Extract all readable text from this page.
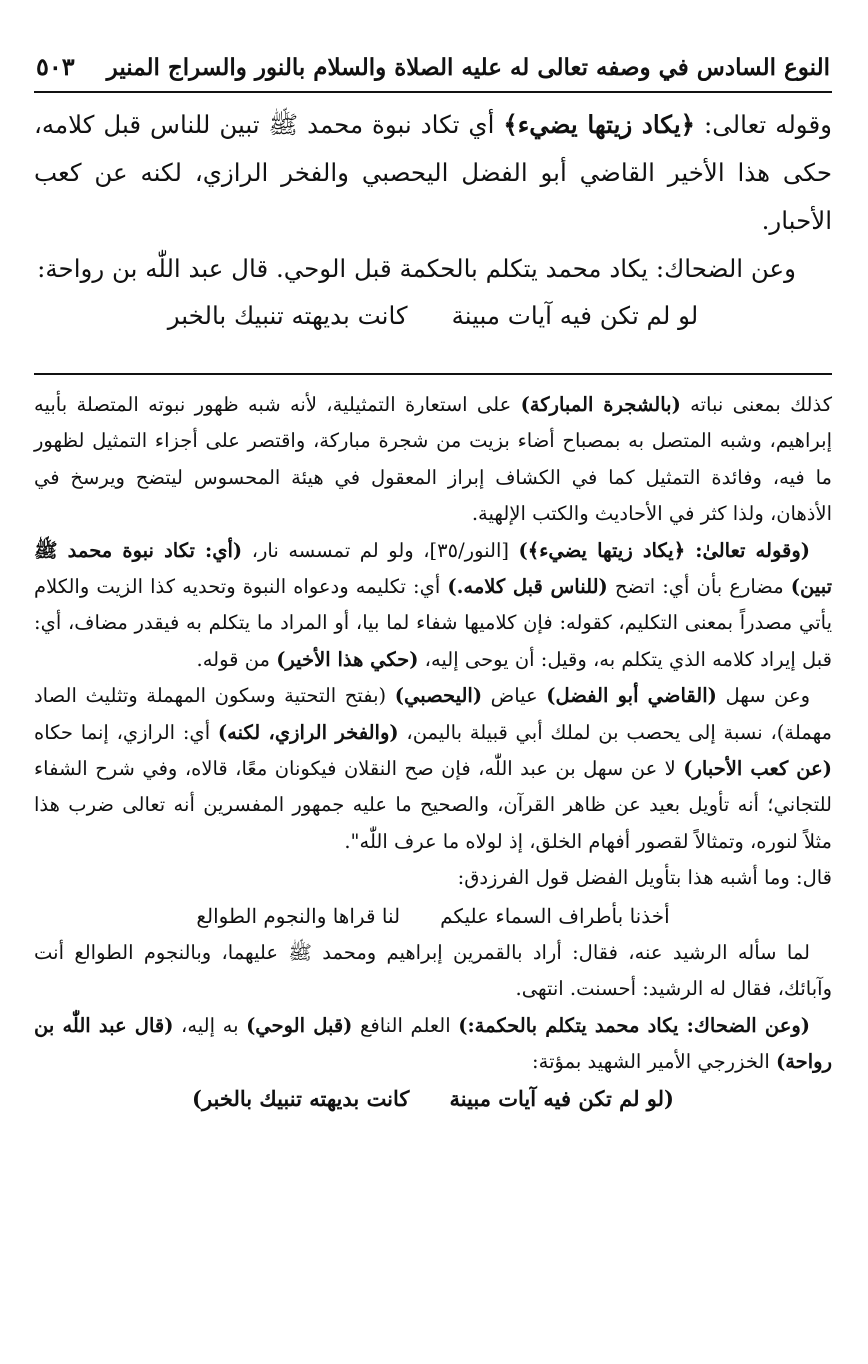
النوع السادس في وصفه تعالى له عليه الصلاة والسلام بالنور والسراج المنير
٥٠٣

وقوله تعالى: ﴿يكاد زيتها يضيء﴾ أي تكاد نبوة محمد ﷺ تبين للناس قبل كلامه، حكى هذا الأخير القاضي أبو الفضل اليحصبي والفخر الرازي، لكنه عن كعب الأحبار.

وعن الضحاك: يكاد محمد يتكلم بالحكمة قبل الوحي. قال عبد اللّٰه بن رواحة:

لو لم تكن فيه آيات مبينة
كانت بديهته تنبيك بالخبر

كذلك بمعنى نباته (بالشجرة المباركة) على استعارة التمثيلية، لأنه شبه ظهور نبوته المتصلة بأبيه إبراهيم، وشبه المتصل به بمصباح أضاء بزيت من شجرة مباركة، واقتصر على أجزاء التمثيل لظهور ما فيه، وفائدة التمثيل كما في الكشاف إبراز المعقول في هيئة المحسوس ليتضح ويرسخ في الأذهان، ولذا كثر في الأحاديث والكتب الإلهية.

(وقوله تعالىٰ: ﴿يكاد زيتها يضيء﴾) [النور/٣٥]، ولو لم تمسسه نار، (أي: تكاد نبوة محمد ﷺ تبين) مضارع بأن أي: اتضح (للناس قبل كلامه.) أي: تكليمه ودعواه النبوة وتحديه كذا الزيت والكلام يأتي مصدراً بمعنى التكليم، كقوله: فإن كلاميها شفاء لما بيا، أو المراد ما يتكلم به فيقدر مضاف، أي: قبل إيراد كلامه الذي يتكلم به، وقيل: أن يوحى إليه، (حكي هذا الأخير) من قوله.

وعن سهل (القاضي أبو الفضل) عياض (اليحصبي) (بفتح التحتية وسكون المهملة وتثليث الصاد مهملة)، نسبة إلى يحصب بن لملك أبي قبيلة باليمن، (والفخر الرازي، لكنه) أي: الرازي، إنما حكاه (عن كعب الأحبار) لا عن سهل بن عبد اللّٰه، فإن صح النقلان فيكونان معًا، قالاه، وفي شرح الشفاء للتجاني؛ أنه تأويل بعيد عن ظاهر القرآن، والصحيح ما عليه جمهور المفسرين أنه تعالى ضرب هذا مثلاً لنوره، وتمثالاً لقصور أفهام الخلق، إذ لولاه ما عرف اللّٰه".

قال: وما أشبه هذا بتأويل الفضل قول الفرزدق:

أخذنا بأطراف السماء عليكم
لنا قراها والنجوم الطوالع

لما سأله الرشيد عنه، فقال: أراد بالقمرين إبراهيم ومحمد ﷺ عليهما، وبالنجوم الطوالع أنت وآبائك، فقال له الرشيد: أحسنت. انتهى.

(وعن الضحاك: يكاد محمد يتكلم بالحكمة:) العلم النافع (قبل الوحي) به إليه، (قال عبد اللّٰه بن رواحة) الخزرجي الأمير الشهيد بمؤتة:

(لو لم تكن فيه آيات مبينة
كانت بديهته تنبيك بالخبر)
